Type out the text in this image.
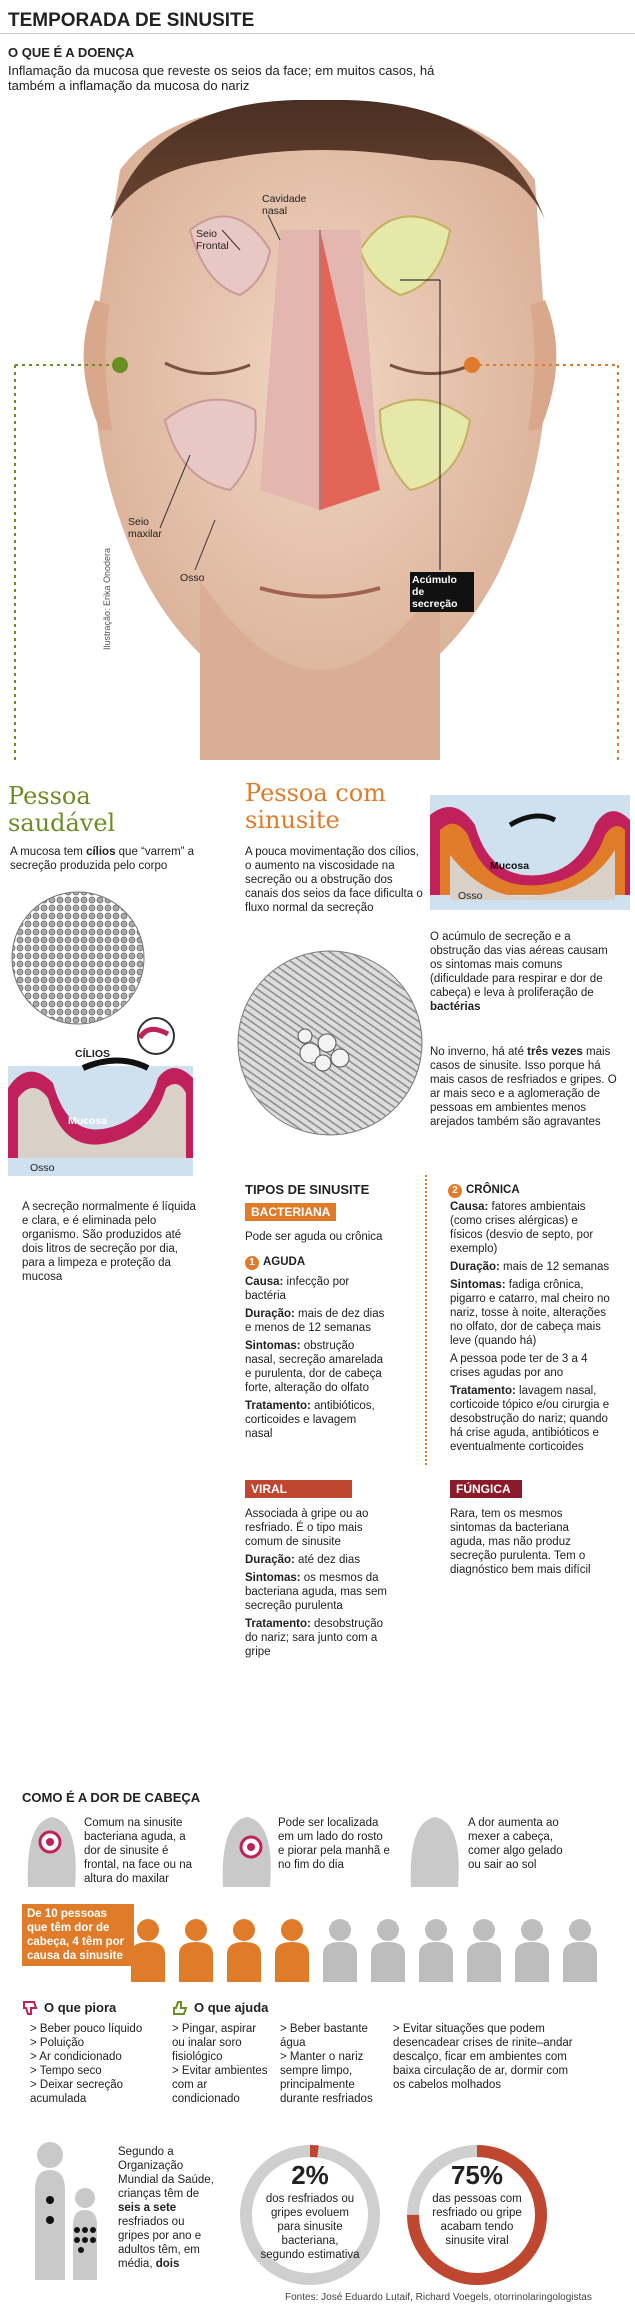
TEMPORADA DE SINUSITE
O QUE É A DOENÇA
Inflamação da mucosa que reveste os seios da face; em muitos casos, há também a inflamação da mucosa do nariz
Cavidade nasal
Seio Frontal
Seio maxilar
Osso	Acúmulo de secreção
Ilustração: Erika Onodera
Pessoa saudável
A mucosa tem cílios que “varrem” a secreção produzida pelo corpo
CÍLIOS
Mucosa
Osso
A secreção normalmente é líquida e clara, e é eliminada pelo organismo. São produzidos até dois litros de secreção por dia, para a limpeza e proteção da mucosa
Pessoa com sinusite
A pouca movimentação dos cílios, o aumento na viscosidade na secreção ou a obstrução dos canais dos seios da face dificulta o fluxo normal da secreção
Mucosa
Osso
O acúmulo de secreção e a obstrução das vias aéreas causam os sintomas mais comuns (dificuldade para respirar e dor de cabeça) e leva à proliferação de bactérias
No inverno, há até três vezes mais casos de sinusite. Isso porque há mais casos de resfriados e gripes. O ar mais seco e a aglomeração de pessoas em ambientes menos arejados também são agravantes
TIPOS DE SINUSITE
BACTERIANA
Pode ser aguda ou crônica
1 AGUDA
Causa: infecção por bactéria
Duração: mais de dez dias e menos de 12 semanas
Sintomas: obstrução nasal, secreção amarelada e purulenta, dor de cabeça forte, alteração do olfato
Tratamento: antibióticos, corticoides e lavagem nasal
2 CRÔNICA
Causa: fatores ambientais (como crises alérgicas) e físicos (desvio de septo, por exemplo)
Duração: mais de 12 semanas
Sintomas: fadiga crônica, pigarro e catarro, mal cheiro no nariz, tosse à noite, alterações no olfato, dor de cabeça mais leve (quando há)
A pessoa pode ter de 3 a 4 crises agudas por ano
Tratamento: lavagem nasal, corticoide tópico e/ou cirurgia e desobstrução do nariz; quando há crise aguda, antibióticos e eventualmente corticoides
VIRAL
Associada à gripe ou ao resfriado. É o tipo mais comum de sinusite
Duração: até dez dias
Sintomas: os mesmos da bacteriana aguda, mas sem secreção purulenta
Tratamento: desobstrução do nariz; sara junto com a gripe
FÚNGICA
Rara, tem os mesmos sintomas da bacteriana aguda, mas não produz secreção purulenta. Tem o diagnóstico bem mais difícil
COMO É A DOR DE CABEÇA
Comum na sinusite bacteriana aguda, a dor de sinusite é frontal, na face ou na altura do maxilar
Pode ser localizada em um lado do rosto e piorar pela manhã e no fim do dia
A dor aumenta ao mexer a cabeça, comer algo gelado ou sair ao sol
De 10 pessoas que têm dor de cabeça, 4 têm por causa da sinusite
O que piora
> Beber pouco líquido
> Poluição
> Ar condicionado
> Tempo seco
> Deixar secreção acumulada
O que ajuda
> Pingar, aspirar ou inalar soro fisiológico
> Evitar ambientes com ar condicionado
> Beber bastante água
> Manter o nariz sempre limpo, principalmente durante resfriados
> Evitar situações que podem desencadear crises de rinite–andar descalço, ficar em ambientes com baixa circulação de ar, dormir com os cabelos molhados
Segundo a Organização Mundial da Saúde, crianças têm de seis a sete resfriados ou gripes por ano e adultos têm, em média, dois
2%
dos resfriados ou gripes evoluem para sinusite bacteriana, segundo estimativa
75%
das pessoas com resfriado ou gripe acabam tendo sinusite viral
Fontes: José Eduardo Lutaif, Richard Voegels, otorrinolaringologistas
